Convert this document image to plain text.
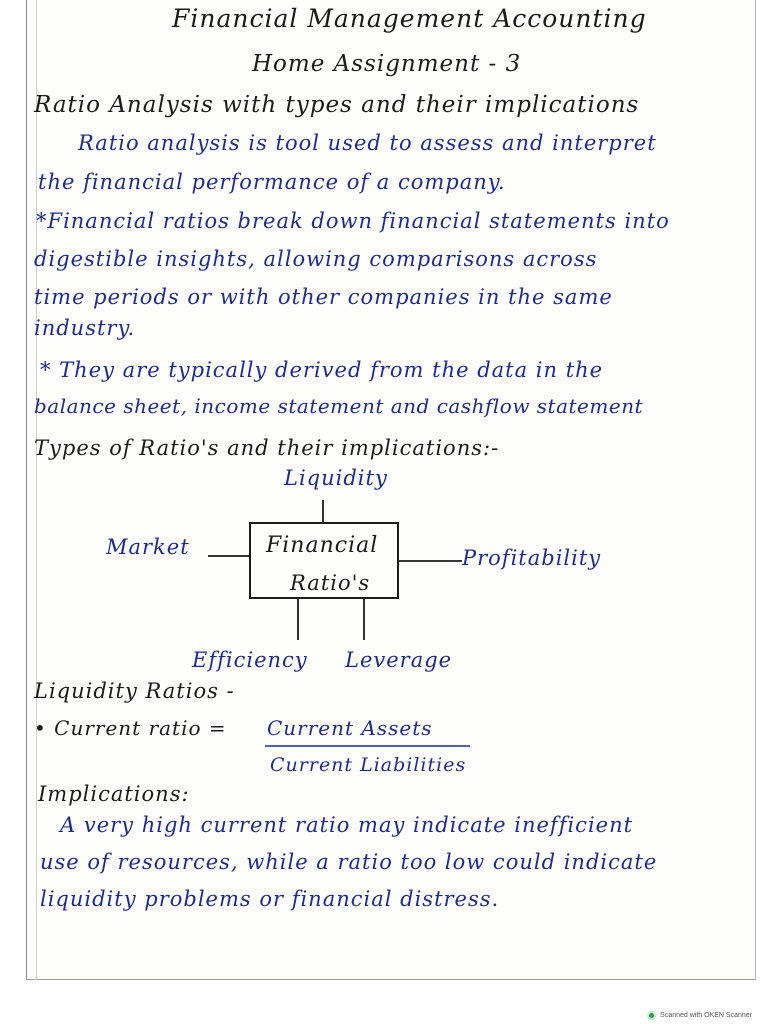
Financial Management Accounting
Home Assignment - 3
Ratio Analysis with types and their implications
Ratio analysis is tool used to assess and interpret
the financial performance of a company.
*Financial ratios break down financial statements into
digestible insights, allowing comparisons across
time periods or with other companies in the same
industry.
* They are typically derived from the data in the
balance sheet, income statement and cashflow statement
Types of Ratio's and their implications:-
Financial
Ratio's
Liquidity
Market	Profitability
Efficiency Leverage
Liquidity Ratios -
• Current ratio = Current Assets
Current Liabilities
Implications:
A very high current ratio may indicate inefficient
use of resources, while a ratio too low could indicate
liquidity problems or financial distress.
Scanned with OKEN Scanner
